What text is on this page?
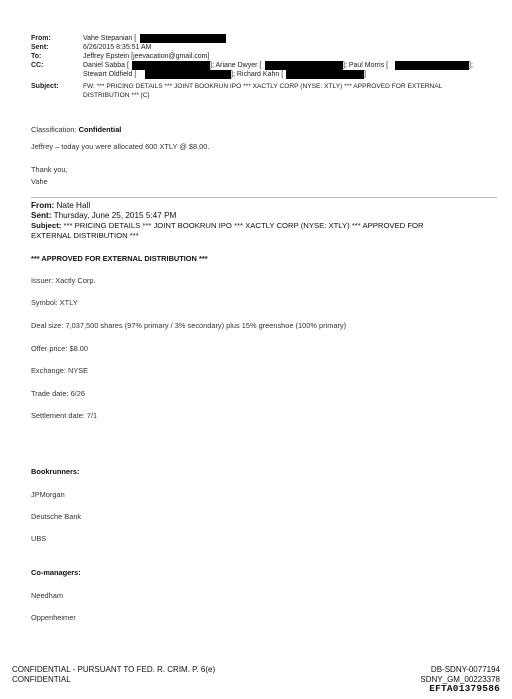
From:	Vahe Stepanian [
Sent:	6/26/2015 8:35:51 AM
To:	Jeffrey Epstein [jeevacation@gmail.com]
CC:	Daniel Sabba [	]; Ariane Dwyer [	]; Paul Morris [	];
Stewart Oldfield [	]; Richard Kahn [	]
Subject:	FW: *** PRICING DETAILS *** JOINT BOOKRUN IPO *** XACTLY CORP (NYSE: XTLY) *** APPROVED FOR EXTERNAL
DISTRIBUTION *** [C]
Classification: Confidential
Jeffrey – today you were allocated 600 XTLY @ $8.00.
Thank you,
Vahe
From: Nate Hall
Sent: Thursday, June 25, 2015 5:47 PM
Subject: *** PRICING DETAILS *** JOINT BOOKRUN IPO *** XACTLY CORP (NYSE: XTLY) *** APPROVED FOR
EXTERNAL DISTRIBUTION ***
*** APPROVED FOR EXTERNAL DISTRIBUTION ***
Issuer: Xactly Corp.
Symbol: XTLY
Deal size: 7,037,500 shares (97% primary / 3% secondary) plus 15% greenshoe (100% primary)
Offer price: $8.00
Exchange: NYSE
Trade date: 6/26
Settlement date: 7/1
Bookrunners:
JPMorgan
Deutsche Bank
UBS
Co-managers:
Needham
Oppenheimer
CONFIDENTIAL - PURSUANT TO FED. R. CRIM. P. 6(e)
CONFIDENTIAL
DB-SDNY-0077194
SDNY_GM_00223378
EFTA01379586
